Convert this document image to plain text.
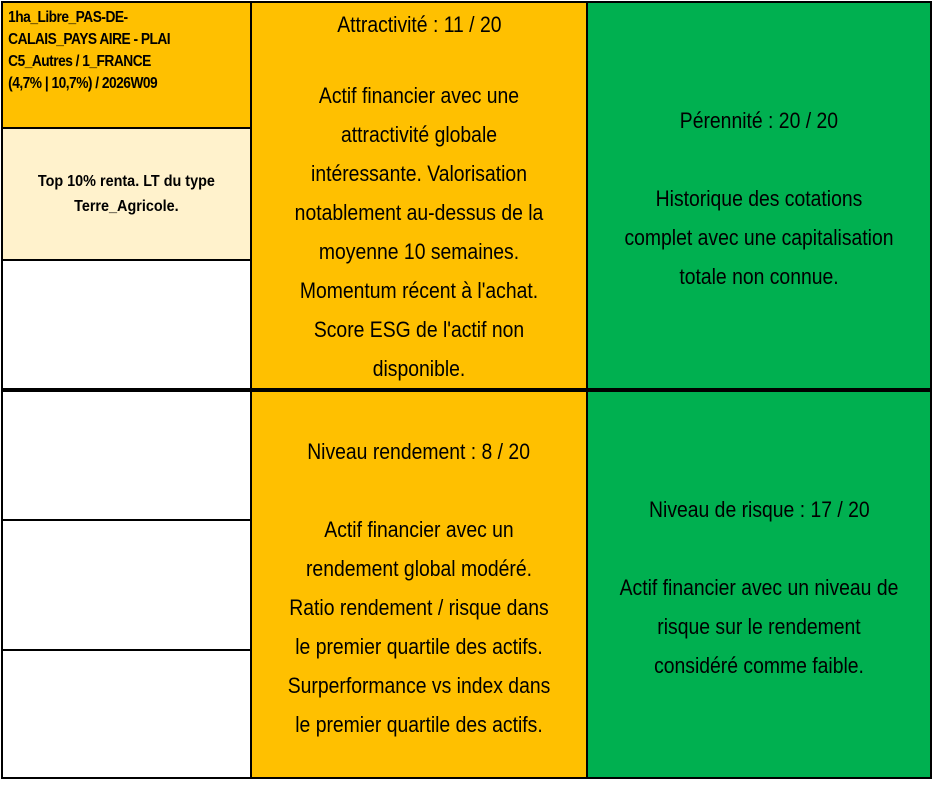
1ha_Libre_PAS-DE-
CALAIS_PAYS AIRE - PLAI
C5_Autres / 1_FRANCE
(4,7% | 10,7%) / 2026W09
Top 10% renta. LT du type
Terre_Agricole.
Attractivité : 11 / 20
Actif financier avec une
attractivité globale
intéressante. Valorisation
notablement au-dessus de la
moyenne 10 semaines.
Momentum récent à l'achat.
Score ESG de l'actif non
disponible.
Pérennité : 20 / 20
Historique des cotations
complet avec une capitalisation
totale non connue.
Niveau rendement : 8 / 20
Actif financier avec un
rendement global modéré.
Ratio rendement / risque dans
le premier quartile des actifs.
Surperformance vs index dans
le premier quartile des actifs.
Niveau de risque : 17 / 20
Actif financier avec un niveau de
risque sur le rendement
considéré comme faible.
